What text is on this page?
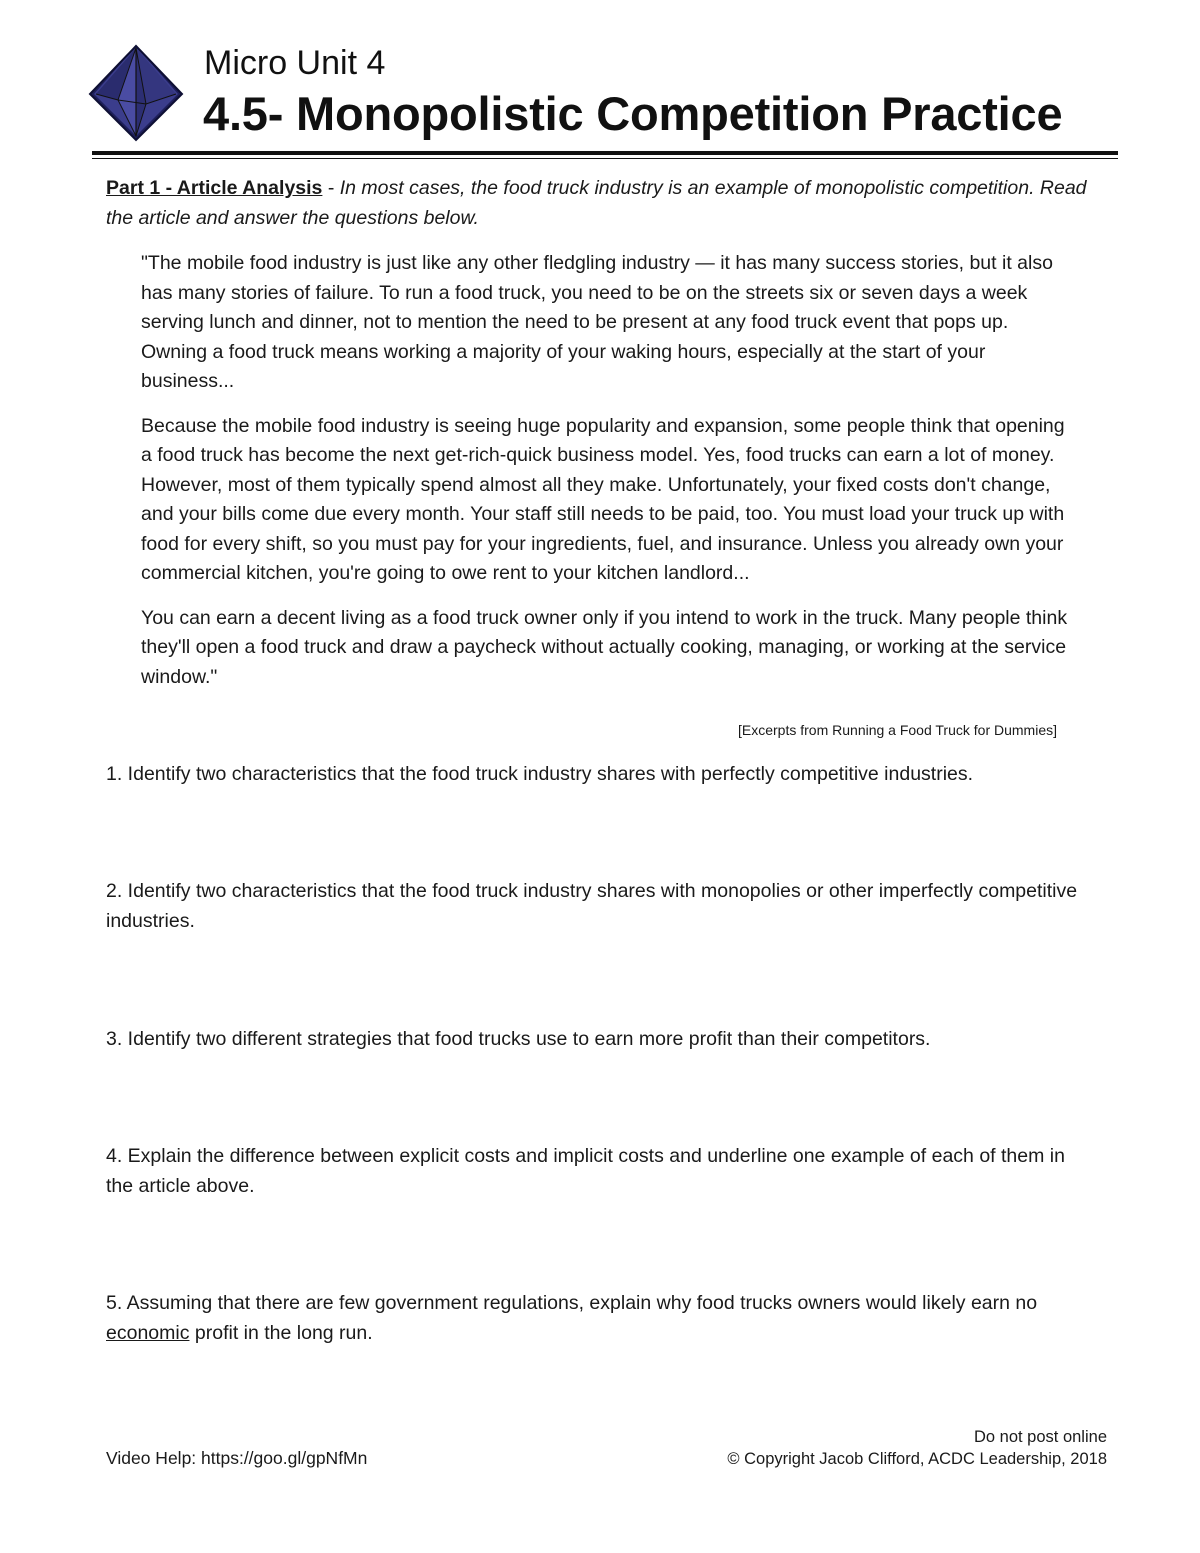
Micro Unit 4
4.5- Monopolistic Competition Practice
Part 1 - Article Analysis - In most cases, the food truck industry is an example of monopolistic competition. Read the article and answer the questions below.

"The mobile food industry is just like any other fledgling industry — it has many success stories, but it also has many stories of failure. To run a food truck, you need to be on the streets six or seven days a week serving lunch and dinner, not to mention the need to be present at any food truck event that pops up. Owning a food truck means working a majority of your waking hours, especially at the start of your business...

Because the mobile food industry is seeing huge popularity and expansion, some people think that opening a food truck has become the next get-rich-quick business model. Yes, food trucks can earn a lot of money. However, most of them typically spend almost all they make. Unfortunately, your fixed costs don't change, and your bills come due every month. Your staff still needs to be paid, too. You must load your truck up with food for every shift, so you must pay for your ingredients, fuel, and insurance. Unless you already own your commercial kitchen, you're going to owe rent to your kitchen landlord...

You can earn a decent living as a food truck owner only if you intend to work in the truck. Many people think they'll open a food truck and draw a paycheck without actually cooking, managing, or working at the service window."

[Excerpts from Running a Food Truck for Dummies]
1. Identify two characteristics that the food truck industry shares with perfectly competitive industries.
2. Identify two characteristics that the food truck industry shares with monopolies or other imperfectly competitive industries.
3. Identify two different strategies that food trucks use to earn more profit than their competitors.
4. Explain the difference between explicit costs and implicit costs and underline one example of each of them in the article above.
5. Assuming that there are few government regulations, explain why food trucks owners would likely earn no economic profit in the long run.
Do not post online
© Copyright Jacob Clifford, ACDC Leadership, 2018
Video Help: https://goo.gl/gpNfMn
